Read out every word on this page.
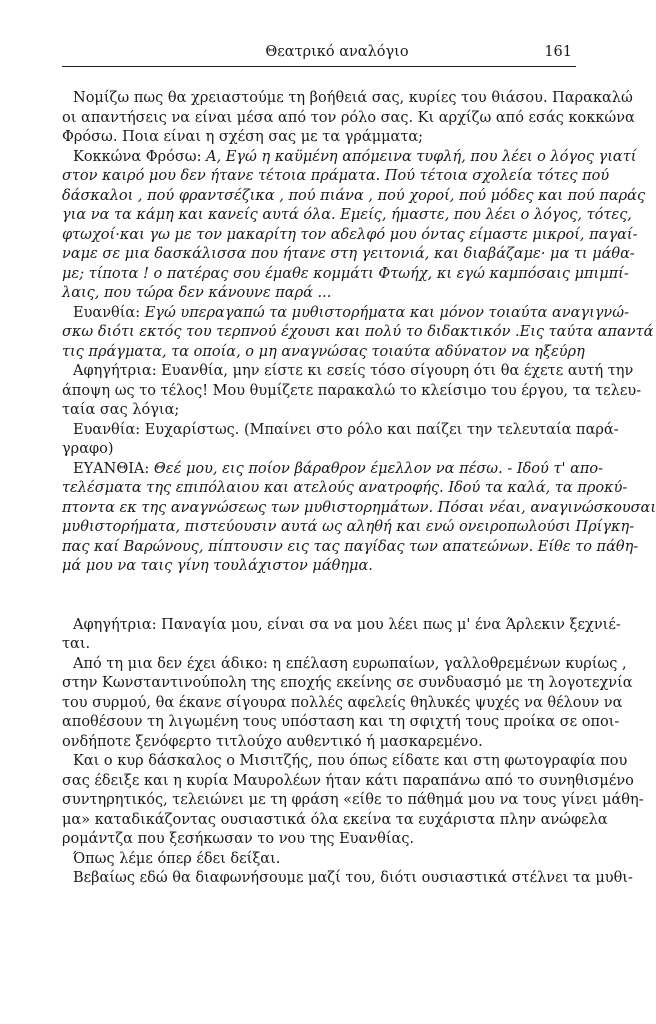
Θεατρικό αναλόγιο	161
Νομίζω πως θα χρειαστούμε τη βοήθειά σας, κυρίες του θιάσου. Παρακαλώ
οι απαντήσεις να είναι μέσα από τον ρόλο σας. Κι αρχίζω από εσάς κοκκώνα
Φρόσω. Ποια είναι η σχέση σας με τα γράμματα;
Κοκκώνα Φρόσω: Α, Εγώ η καϋμένη απόμεινα τυφλή, που λέει ο λόγος γιατί
στον καιρό μου δεν ήτανε τέτοια πράματα. Πού τέτοια σχολεία τότες πού
δάσκαλοι , πού φραντσέζικα , πού πιάνα , πού χοροί, πού μόδες και πού παράς
για να τα κάμη και κανείς αυτά όλα. Εμείς, ήμαστε, που λέει ο λόγος, τότες,
φτωχοί·και γω με τον μακαρίτη τον αδελφό μου όντας είμαστε μικροί, παγαί-
ναμε σε μια δασκάλισσα που ήτανε στη γειτονιά, και διαβάζαμε· μα τι μάθα-
με; τίποτα ! ο πατέρας σου έμαθε κομμάτι Φτωήχ, κι εγώ καμπόσαις μπιμπί-
λαις, που τώρα δεν κάνουνε παρά ...
Ευανθία: Εγώ υπεραγαπώ τα μυθιστορήματα και μόνον τοιαύτα αναγιγνώ-
σκω διότι εκτός του τερπνού έχουσι και πολύ το διδακτικόν .Εις ταύτα απαντά
τις πράγματα, τα οποία, ο μη αναγνώσας τοιαύτα αδύνατον να ηξεύρη
Αφηγήτρια: Ευανθία, μην είστε κι εσείς τόσο σίγουρη ότι θα έχετε αυτή την
άποψη ως το τέλος! Μου θυμίζετε παρακαλώ το κλείσιμο του έργου, τα τελευ-
ταία σας λόγια;
Ευανθία: Ευχαρίστως. (Μπαίνει στο ρόλο και παίζει την τελευταία παρά-
γραφο)
ΕΥΑΝΘΙΑ: Θεέ μου, εις ποίον βάραθρον έμελλον να πέσω. - Ιδού τ' απο-
τελέσματα της επιπόλαιου και ατελούς ανατροφής. Ιδού τα καλά, τα προκύ-
πτοντα εκ της αναγνώσεως των μυθιστορημάτων. Πόσαι νέαι, αναγινώσκουσαι
μυθιστορήματα, πιστεύουσιν αυτά ως αληθή και ενώ ονειροπωλούσι Πρίγκη-
πας καί Βαρώνους, πίπτουσιν εις τας παγίδας των απατεώνων. Είθε το πάθη-
μά μου να ταις γίνη τουλάχιστον μάθημα.
Αφηγήτρια: Παναγία μου, είναι σα να μου λέει πως μ' ένα Άρλεκιν ξεχνιέ-
ται.
Από τη μια δεν έχει άδικο: η επέλαση ευρωπαίων, γαλλοθρεμένων κυρίως ,
στην Κωνσταντινούπολη της εποχής εκείνης σε συνδυασμό με τη λογοτεχνία
του συρμού, θα έκανε σίγουρα πολλές αφελείς θηλυκές ψυχές να θέλουν να
αποθέσουν τη λιγωμένη τους υπόσταση και τη σφιχτή τους προίκα σε οποι-
ονδήποτε ξενόφερτο τιτλούχο αυθεντικό ή μασκαρεμένο.
Και ο κυρ δάσκαλος ο Μισιτζής, που όπως είδατε και στη φωτογραφία που
σας έδειξε και η κυρία Μαυρολέων ήταν κάτι παραπάνω από το συνηθισμένο
συντηρητικός, τελειώνει με τη φράση «είθε το πάθημά μου να τους γίνει μάθη-
μα» καταδικάζοντας ουσιαστικά όλα εκείνα τα ευχάριστα πλην ανώφελα
ρομάντζα που ξεσήκωσαν το νου της Ευανθίας.
Όπως λέμε όπερ έδει δείξαι.
Βεβαίως εδώ θα διαφωνήσουμε μαζί του, διότι ουσιαστικά στέλνει τα μυθι-
